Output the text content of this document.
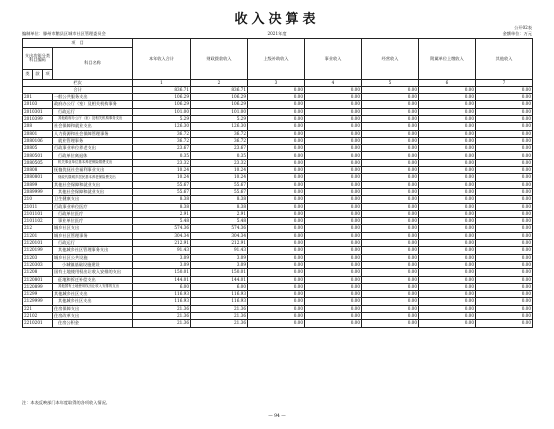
收入决算表
公开02表
编制单位：滕州市鹅县区城市社区管理委员会	2021年度	金额单位：万元
项　目				本年收入合计	财政拨款收入	上级补助收入	事业收入	经营收入	附属单位上缴收入	其他收入
支出功能分类
科目编码			科目名称							
类	款	项								
栏次				1	2	3	4	5	6	7
合计				836.71	836.71	0.00	0.00	0.00	0.00	0.00
201			一般公共服务支出	106.29	106.29	0.00	0.00	0.00	0.00	0.00
20103			政府办公厅（室）及相关机构事务	106.29	106.29	0.00	0.00	0.00	0.00	0.00
2010301			行政运行	101.00	101.00	0.00	0.00	0.00	0.00	0.00
2010399			其他政府办公厅（室）及相关机构事务支出	5.29	5.29	0.00	0.00	0.00	0.00	0.00
208			社会保障和就业支出	126.30	126.30	0.00	0.00	0.00	0.00	0.00
20801			人力资源和社会保障管理事务	36.72	36.72	0.00	0.00	0.00	0.00	0.00
2080106			就业管理事务	36.72	36.72	0.00	0.00	0.00	0.00	0.00
20805			行政事业单位养老支出	23.67	23.67	0.00	0.00	0.00	0.00	0.00
2080501			行政单位离退休	0.35	0.35	0.00	0.00	0.00	0.00	0.00
2080505			机关事业单位基本养老保险缴费支出	23.32	23.32	0.00	0.00	0.00	0.00	0.00
20808			抚恤优抚社会福利事业支出	10.24	10.24	0.00	0.00	0.00	0.00	0.00
2080801			财政代缴城乡居民基本养老保险费支出	10.24	10.24	0.00	0.00	0.00	0.00	0.00
20899			其他社会保障和就业支出	55.67	55.67	0.00	0.00	0.00	0.00	0.00
2089999			其他社会保障和就业支出	55.67	55.67	0.00	0.00	0.00	0.00	0.00
210			卫生健康支出	8.38	8.38	0.00	0.00	0.00	0.00	0.00
21011			行政事业单位医疗	8.38	8.38	0.00	0.00	0.00	0.00	0.00
2101101			行政单位医疗	2.91	2.91	0.00	0.00	0.00	0.00	0.00
2101102			事业单位医疗	5.48	5.48	0.00	0.00	0.00	0.00	0.00
212			城乡社区支出	574.36	574.36	0.00	0.00	0.00	0.00	0.00
21201			城乡社区管理事务	304.34	304.34	0.00	0.00	0.00	0.00	0.00
2120101			行政运行	212.91	212.91	0.00	0.00	0.00	0.00	0.00
2120199			其他城乡社区管理事务支出	91.43	91.43	0.00	0.00	0.00	0.00	0.00
21203			城乡社区公共设施	3.09	3.09	0.00	0.00	0.00	0.00	0.00
2120303			小城镇基础设施建设	3.09	3.09	0.00	0.00	0.00	0.00	0.00
21208			国有土地使用权出让收入安排的支出	150.01	150.01	0.00	0.00	0.00	0.00	0.00
2120801			征地和拆迁补偿支出	144.01	144.01	0.00	0.00	0.00	0.00	0.00
2120899			其他国有土地使用权出让收入安排的支出	6.00	6.00	0.00	0.00	0.00	0.00	0.00
21299			其他城乡社区支出	116.93	116.93	0.00	0.00	0.00	0.00	0.00
2129999			其他城乡社区支出	116.93	116.93	0.00	0.00	0.00	0.00	0.00
221			住房保障支出	21.36	21.36	0.00	0.00	0.00	0.00	0.00
22102			住房改革支出	21.36	21.36	0.00	0.00	0.00	0.00	0.00
2210201			住房公积金	21.36	21.36	0.00	0.00	0.00	0.00	0.00
注：本表反映部门本年度取得的各项收入情况。
— 94 —
